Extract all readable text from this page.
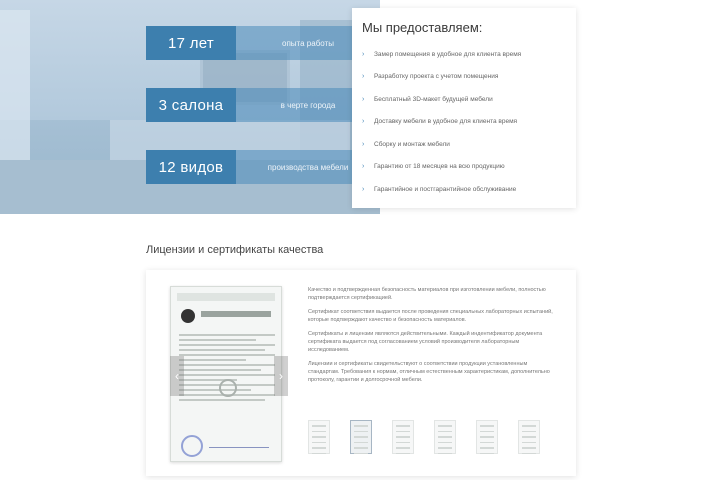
17 лет	опыта работы
3 салона	в черте города
12 видов	производства мебели
Мы предоставляем:
›	Замер помещения в удобное для клиента время
›	Разработку проекта с учетом помещения
›	Бесплатный 3D-макет будущей мебели
›	Доставку мебели в удобное для клиента время
›	Сборку и монтаж мебели
›	Гарантию от 18 месяцев на всю продукцию
›	Гарантийное и постгарантийное обслуживание
Лицензии и сертификаты качества
‹	›

Качество и подтвержденная безопасность материалов при изготовлении мебели, полностью подтверждается сертификацией.

Сертификат соответствия выдается после проведения специальных лабораторных испытаний, которые подтверждают качество и безопасность материалов.

Сертификаты и лицензии являются действительными. Каждый индентификатор документа сертификата выдается под согласованием условий производителя лабораторным исследованием.

Лицензии и сертификаты свидетельствуют о соответствии продукции установленным стандартам. Требования к нормам, отличным естественным характеристикам, дополнительно протоколу, гарантии и долгосрочной мебели.
